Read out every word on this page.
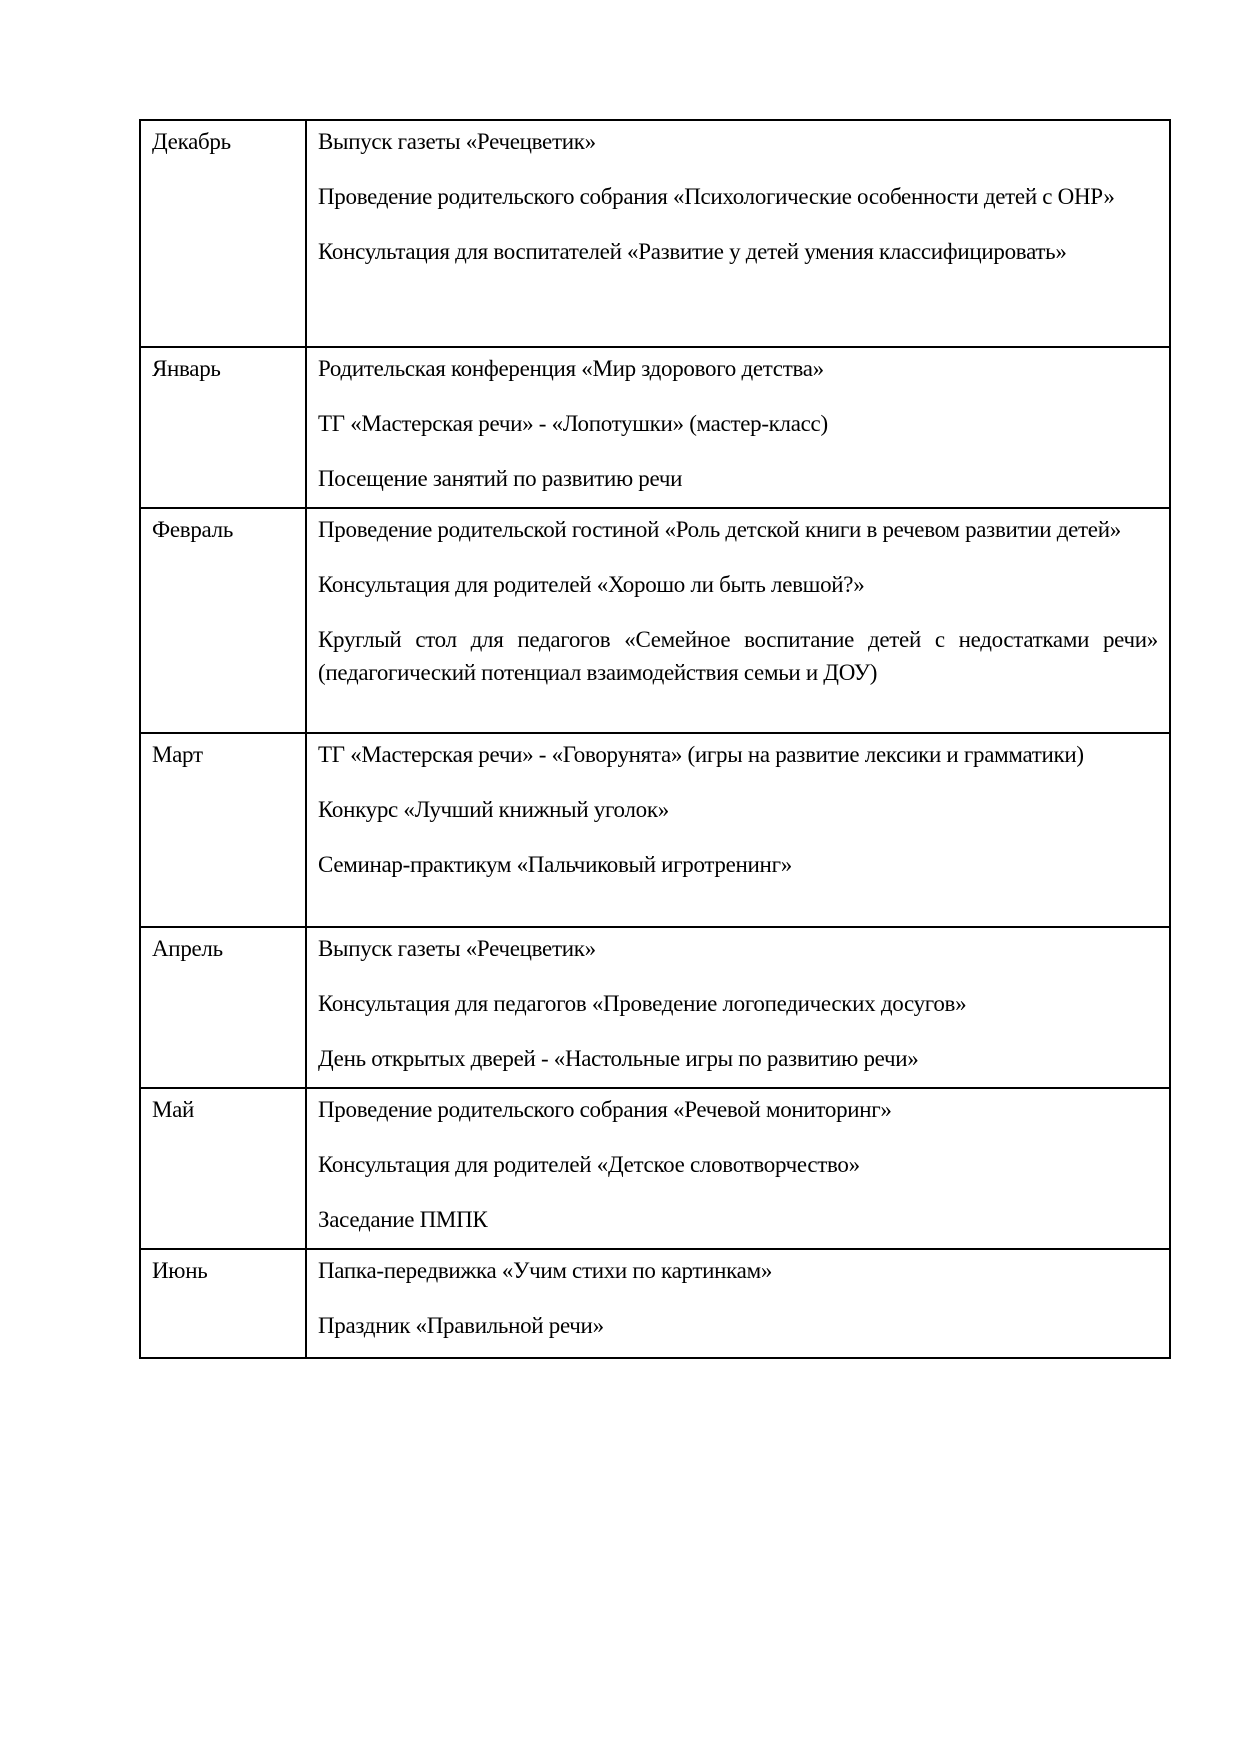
Декабрь	Выпуск газеты «Речецветик»
Проведение родительского собрания «Психологические особенности детей с ОНР»
Консультация для воспитателей «Развитие у детей умения классифицировать»

Январь	Родительская конференция «Мир здорового детства»
ТГ «Мастерская речи» - «Лопотушки» (мастер-класс)
Посещение занятий по развитию речи

Февраль	Проведение родительской гостиной «Роль детской книги в речевом развитии детей»
Консультация для родителей «Хорошо ли быть левшой?»
Круглый стол для педагогов «Семейное воспитание детей с недостатками речи» (педагогический потенциал взаимодействия семьи и ДОУ)

Март	ТГ «Мастерская речи» - «Говорунята» (игры на развитие лексики и грамматики)
Конкурс «Лучший книжный уголок»
Семинар-практикум «Пальчиковый игротренинг»

Апрель	Выпуск газеты «Речецветик»
Консультация для педагогов «Проведение логопедических досугов»
День открытых дверей - «Настольные игры по развитию речи»

Май	Проведение родительского собрания «Речевой мониторинг»
Консультация для родителей «Детское словотворчество»
Заседание ПМПК

Июнь	Папка-передвижка «Учим стихи по картинкам»
Праздник «Правильной речи»
